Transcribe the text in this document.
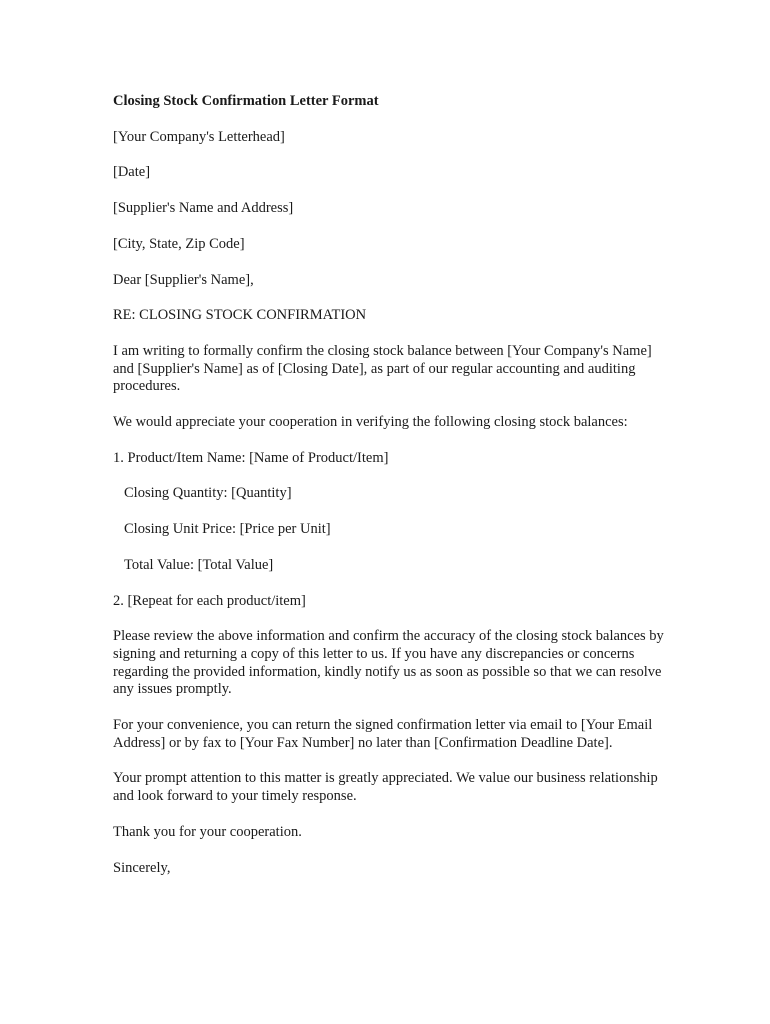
Closing Stock Confirmation Letter Format

[Your Company's Letterhead]

[Date]

[Supplier's Name and Address]

[City, State, Zip Code]

Dear [Supplier's Name],

RE: CLOSING STOCK CONFIRMATION

I am writing to formally confirm the closing stock balance between [Your Company's Name] and [Supplier's Name] as of [Closing Date], as part of our regular accounting and auditing procedures.

We would appreciate your cooperation in verifying the following closing stock balances:

1. Product/Item Name: [Name of Product/Item]

Closing Quantity: [Quantity]

Closing Unit Price: [Price per Unit]

Total Value: [Total Value]

2. [Repeat for each product/item]

Please review the above information and confirm the accuracy of the closing stock balances by signing and returning a copy of this letter to us. If you have any discrepancies or concerns regarding the provided information, kindly notify us as soon as possible so that we can resolve any issues promptly.

For your convenience, you can return the signed confirmation letter via email to [Your Email Address] or by fax to [Your Fax Number] no later than [Confirmation Deadline Date].

Your prompt attention to this matter is greatly appreciated. We value our business relationship and look forward to your timely response.

Thank you for your cooperation.

Sincerely,
